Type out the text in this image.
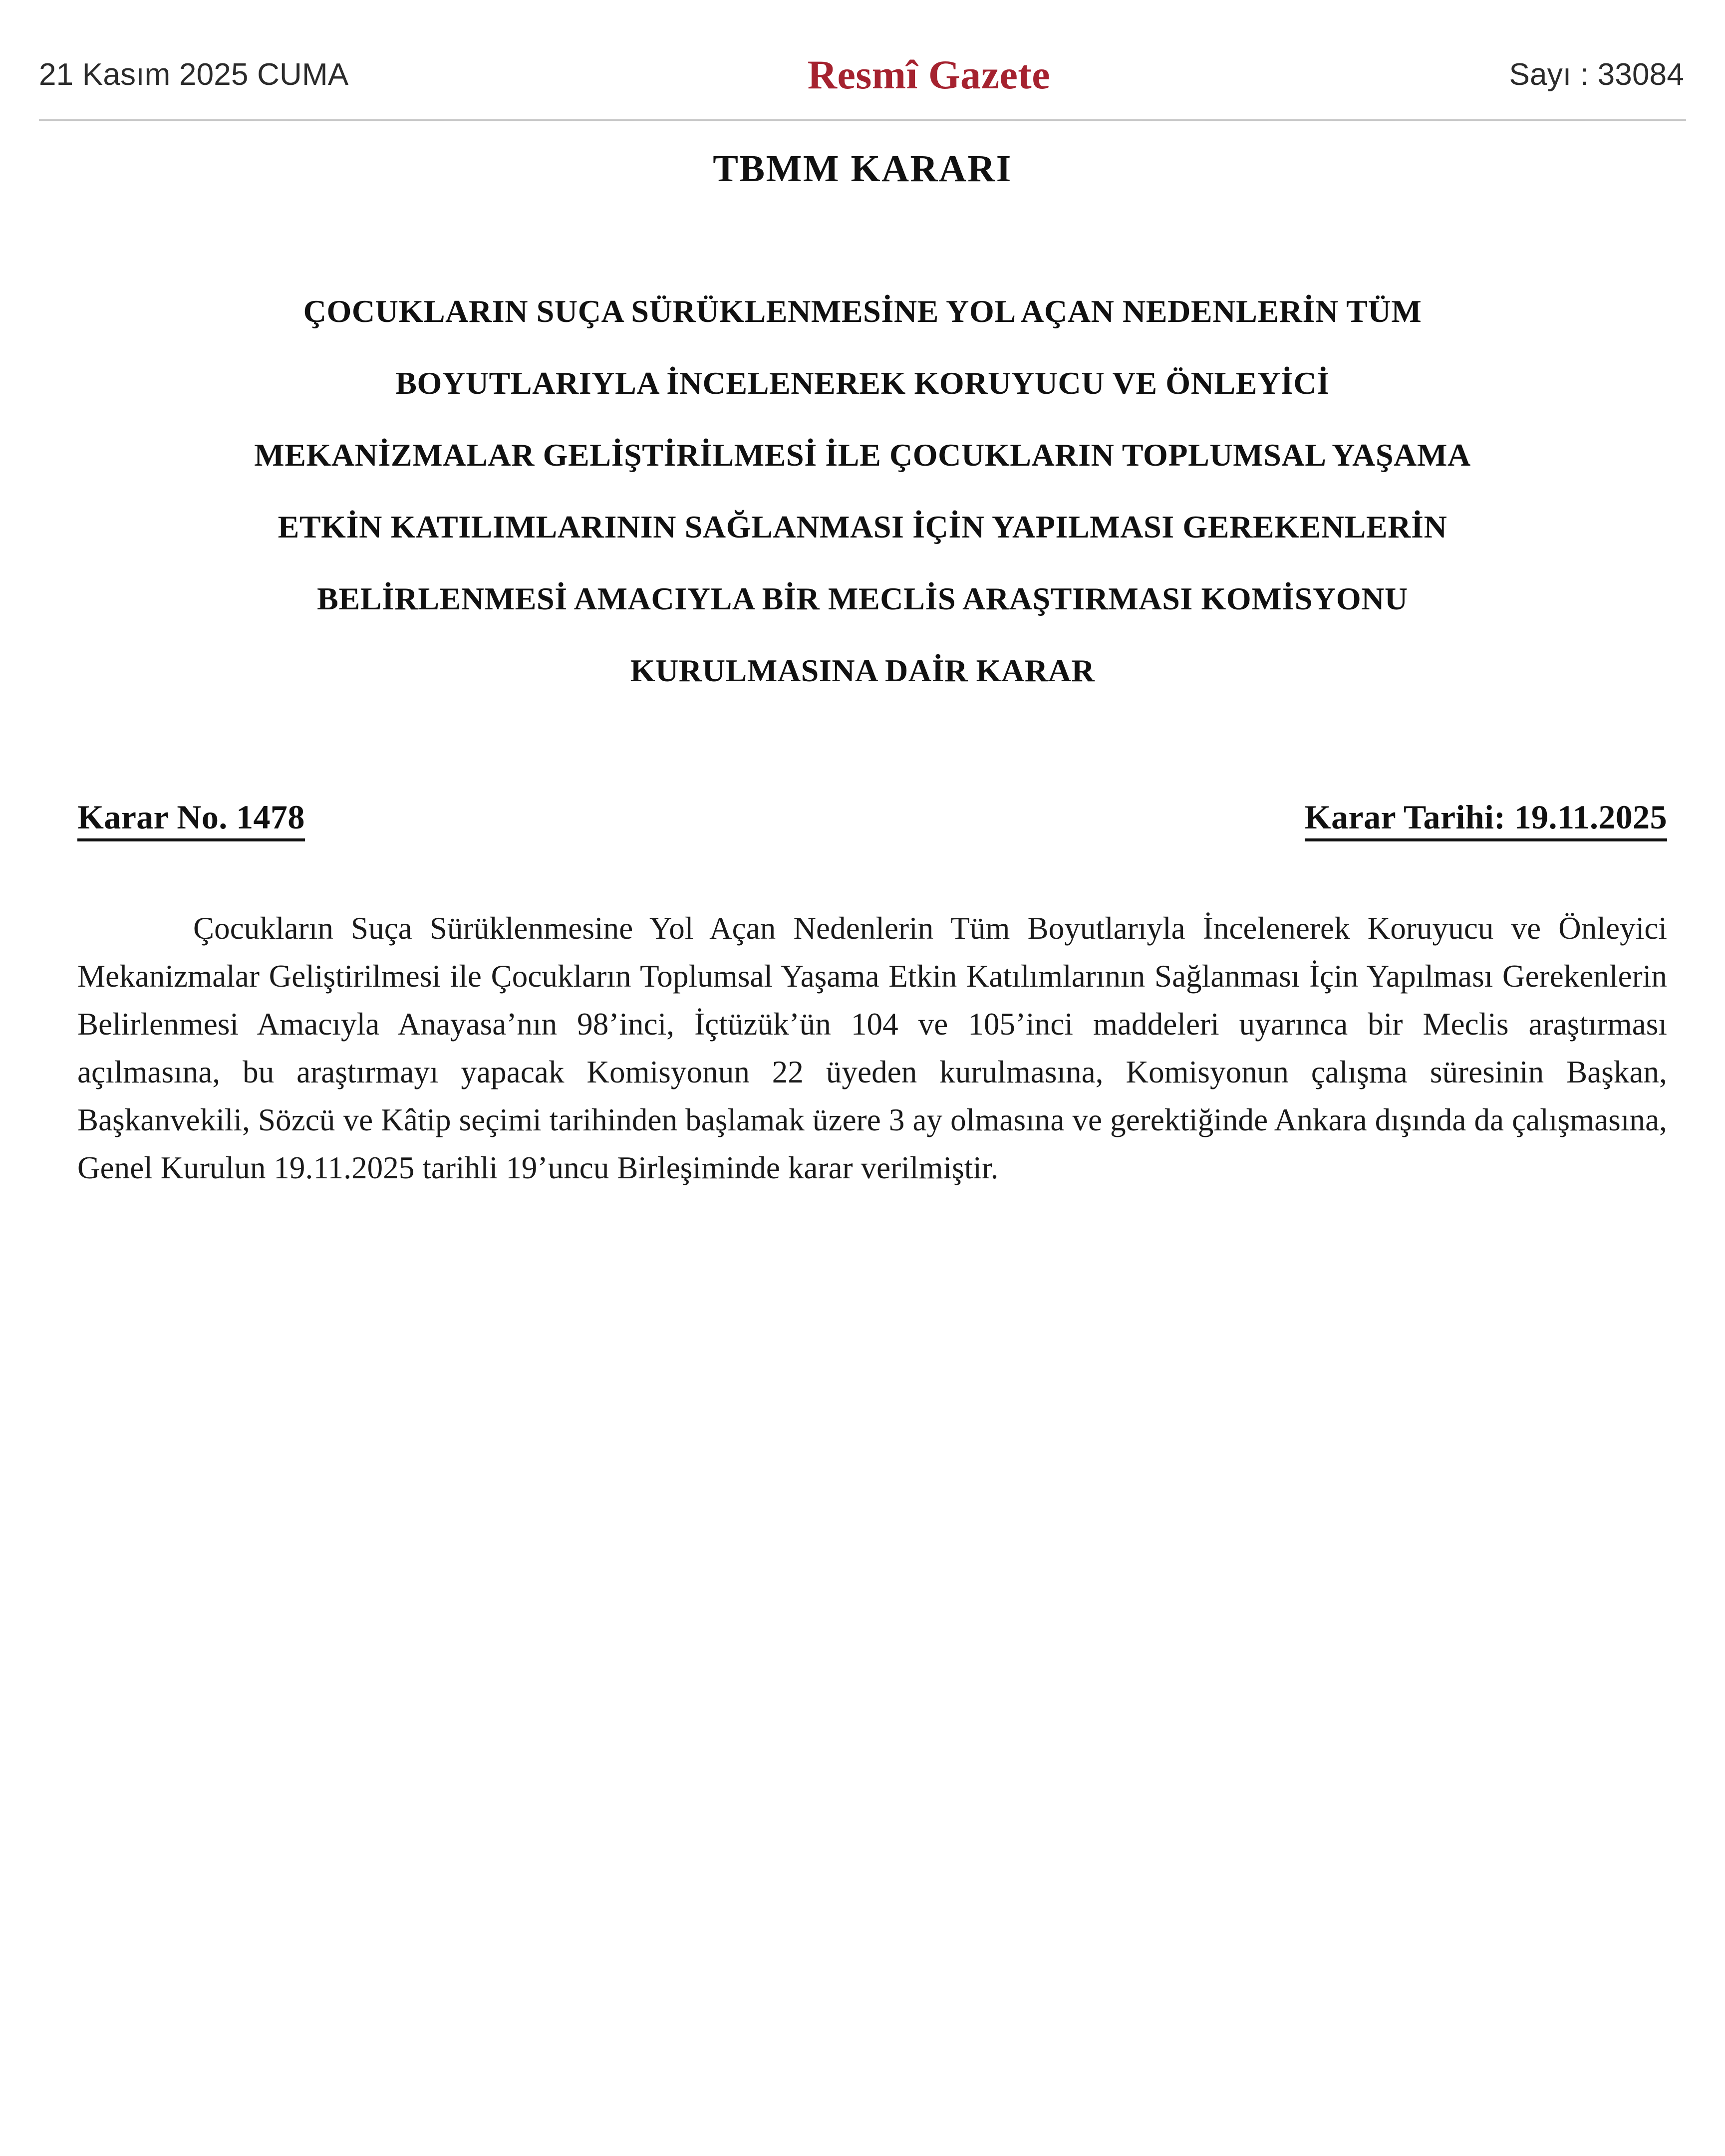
21 Kasım 2025 CUMA	Resmî Gazete	Sayı : 33084
TBMM KARARI
ÇOCUKLARIN SUÇA SÜRÜKLENMESİNE YOL AÇAN NEDENLERİN TÜM
BOYUTLARIYLA İNCELENEREK KORUYUCU VE ÖNLEYİCİ
MEKANİZMALAR GELİŞTİRİLMESİ İLE ÇOCUKLARIN TOPLUMSAL YAŞAMA
ETKİN KATILIMLARININ SAĞLANMASI İÇİN YAPILMASI GEREKENLERİN
BELİRLENMESİ AMACIYLA BİR MECLİS ARAŞTIRMASI KOMİSYONU
KURULMASINA DAİR KARAR
Karar No. 1478	Karar Tarihi: 19.11.2025

Çocukların Suça Sürüklenmesine Yol Açan Nedenlerin Tüm Boyutlarıyla İncelenerek Koruyucu ve Önleyici Mekanizmalar Geliştirilmesi ile Çocukların Toplumsal Yaşama Etkin Katılımlarının Sağlanması İçin Yapılması Gerekenlerin Belirlenmesi Amacıyla Anayasa’nın 98’inci, İçtüzük’ün 104 ve 105’inci maddeleri uyarınca bir Meclis araştırması açılmasına, bu araştırmayı yapacak Komisyonun 22 üyeden kurulmasına, Komisyonun çalışma süresinin Başkan, Başkanvekili, Sözcü ve Kâtip seçimi tarihinden başlamak üzere 3 ay olmasına ve gerektiğinde Ankara dışında da çalışmasına, Genel Kurulun 19.11.2025 tarihli 19’uncu Birleşiminde karar verilmiştir.
